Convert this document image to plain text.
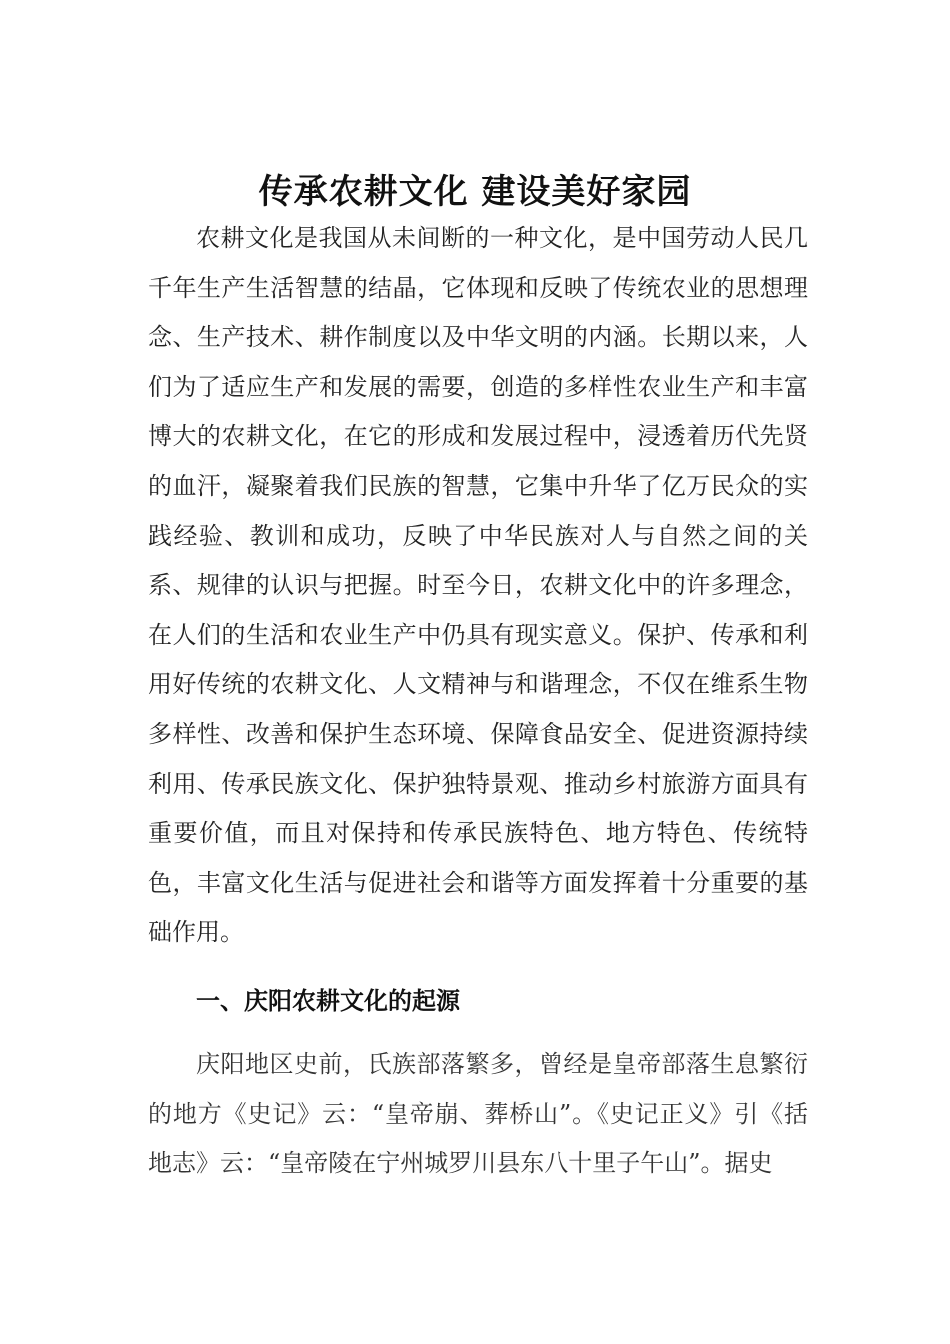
传承农耕文化 建设美好家园

农耕文化是我国从未间断的一种文化，是中国劳动人民几千年生产生活智慧的结晶，它体现和反映了传统农业的思想理念、生产技术、耕作制度以及中华文明的内涵。长期以来，人们为了适应生产和发展的需要，创造的多样性农业生产和丰富博大的农耕文化，在它的形成和发展过程中，浸透着历代先贤的血汗，凝聚着我们民族的智慧，它集中升华了亿万民众的实践经验、教训和成功，反映了中华民族对人与自然之间的关系、规律的认识与把握。时至今日，农耕文化中的许多理念，在人们的生活和农业生产中仍具有现实意义。保护、传承和利用好传统的农耕文化、人文精神与和谐理念，不仅在维系生物多样性、改善和保护生态环境、保障食品安全、促进资源持续利用、传承民族文化、保护独特景观、推动乡村旅游方面具有重要价值，而且对保持和传承民族特色、地方特色、传统特色，丰富文化生活与促进社会和谐等方面发挥着十分重要的基础作用。

一、庆阳农耕文化的起源

庆阳地区史前，氏族部落繁多，曾经是皇帝部落生息繁衍的地方《史记》云：“皇帝崩、葬桥山”。《史记正义》引《括地志》云：“皇帝陵在宁州城罗川县东八十里子午山”。据史
